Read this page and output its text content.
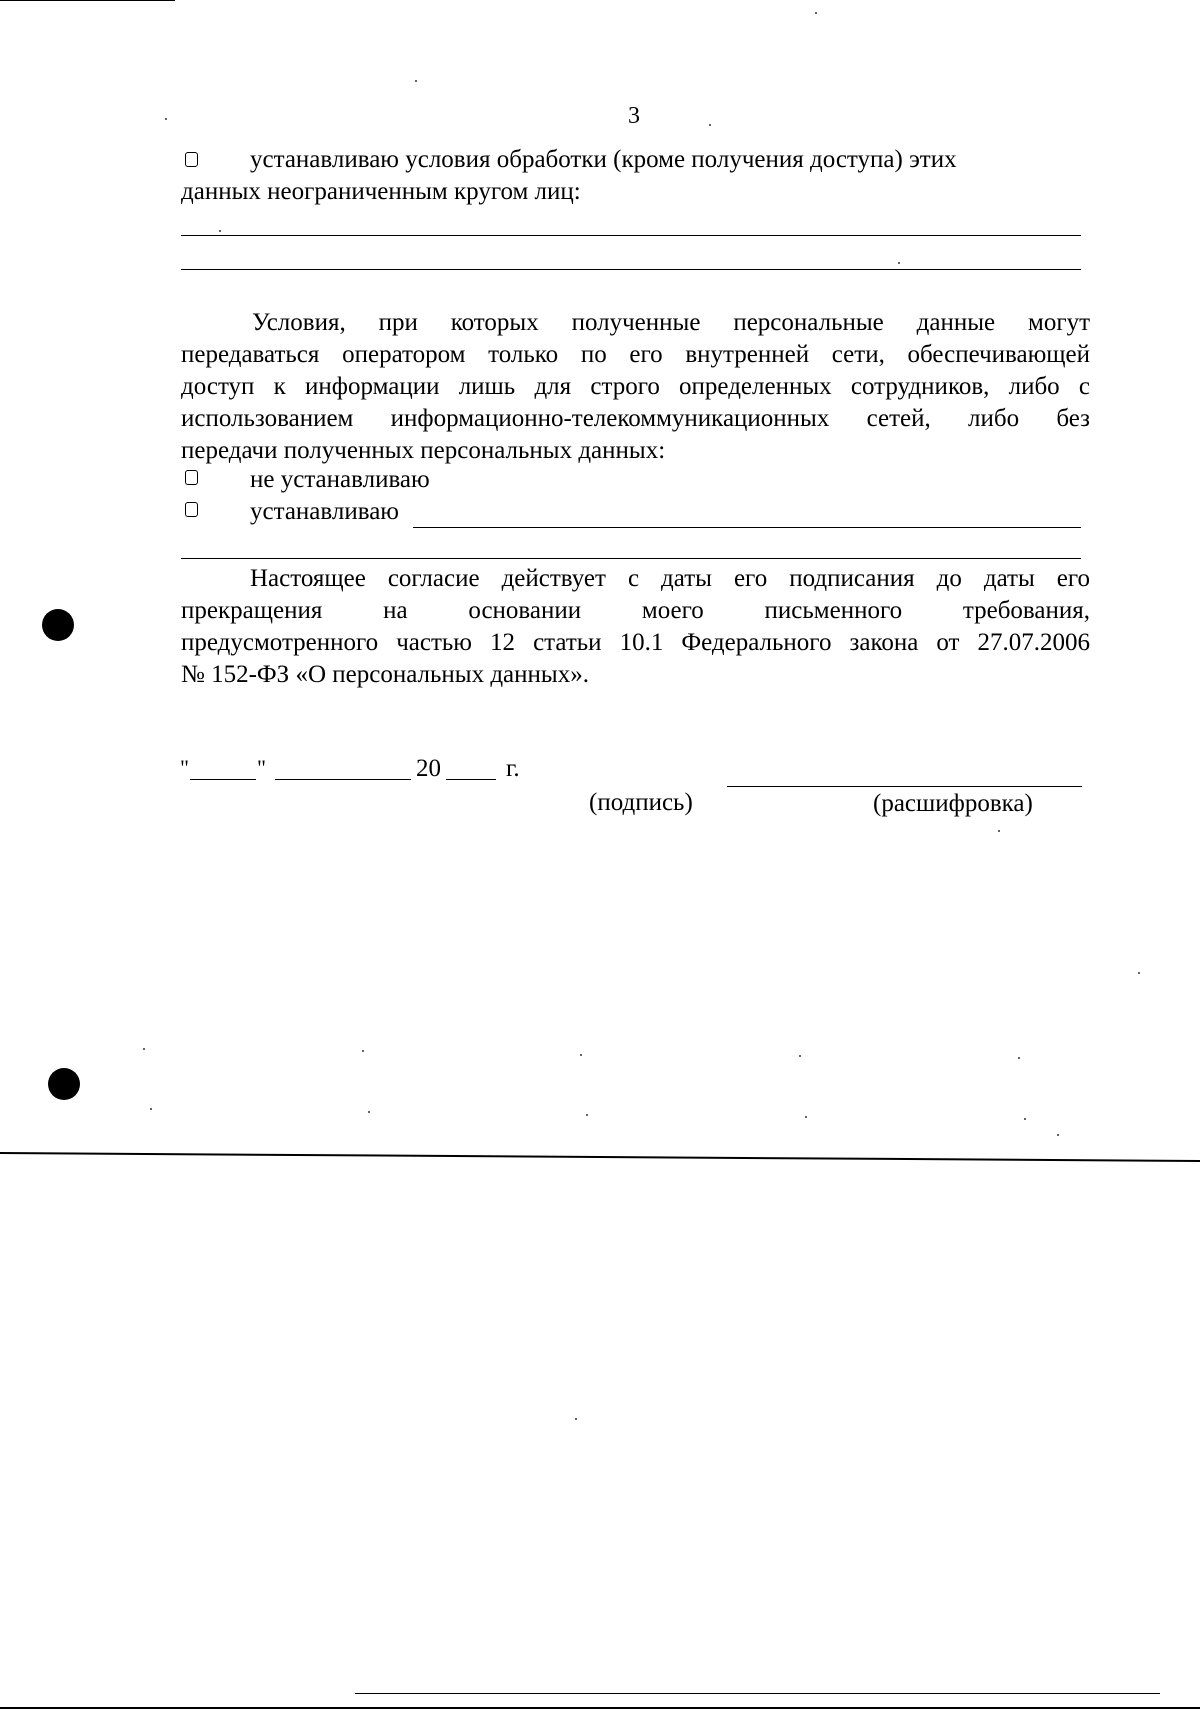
3
устанавливаю условия обработки (кроме получения доступа) этих
данных неограниченным кругом лиц:
Условия, при которых полученные персональные данные могут
передаваться оператором только по его внутренней сети, обеспечивающей
доступ к информации лишь для строго определенных сотрудников, либо с
использованием информационно-телекоммуникационных сетей, либо без
передачи полученных персональных данных:
не устанавливаю
устанавливаю
Настоящее согласие действует с даты его подписания до даты его
прекращения на основании моего письменного требования,
предусмотренного частью 12 статьи 10.1 Федерального закона от 27.07.2006
№ 152-ФЗ «О персональных данных».
"	"	20	г.
(подпись)	(расшифровка)
